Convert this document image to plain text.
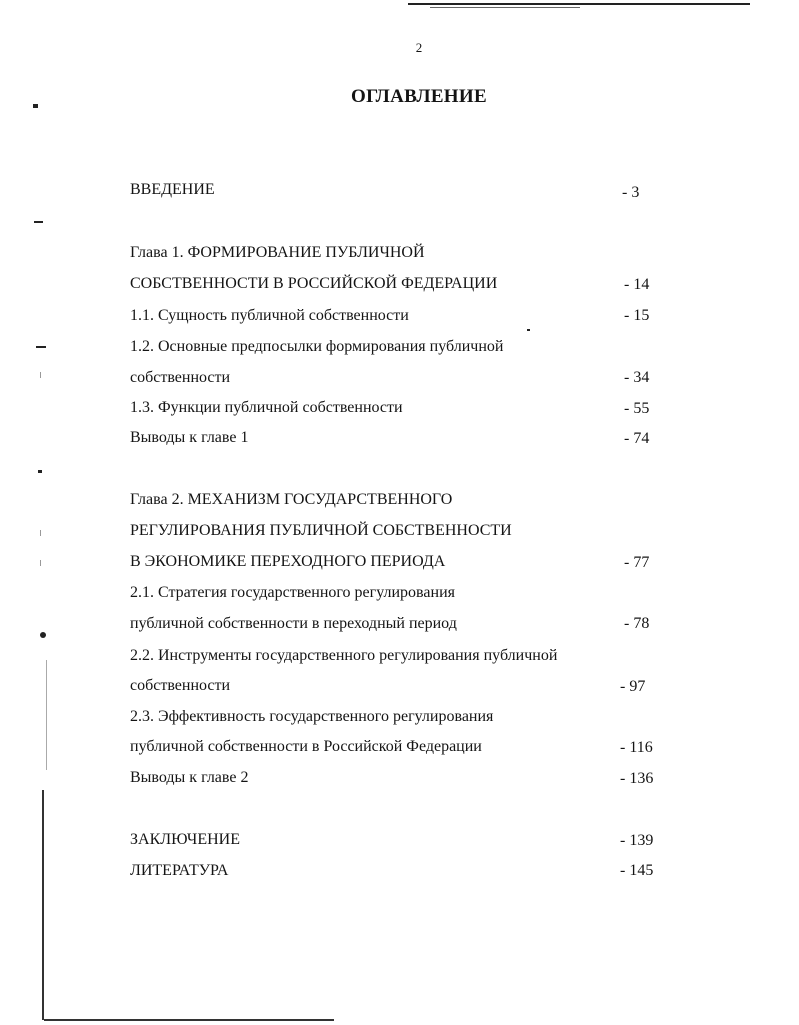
2
ОГЛАВЛЕНИЕ
ВВЕДЕНИЕ	- 3
Глава 1. ФОРМИРОВАНИЕ ПУБЛИЧНОЙ
СОБСТВЕННОСТИ В РОССИЙСКОЙ ФЕДЕРАЦИИ	- 14
1.1. Сущность публичной собственности	- 15
1.2. Основные предпосылки формирования публичной
собственности	- 34
1.3. Функции публичной собственности	- 55
Выводы к главе 1	- 74
Глава 2. МЕХАНИЗМ ГОСУДАРСТВЕННОГО
РЕГУЛИРОВАНИЯ ПУБЛИЧНОЙ СОБСТВЕННОСТИ
В ЭКОНОМИКЕ ПЕРЕХОДНОГО ПЕРИОДА	- 77
2.1. Стратегия государственного регулирования
публичной собственности в переходный период	- 78
2.2. Инструменты государственного регулирования публичной
собственности	- 97
2.3. Эффективность государственного регулирования
публичной собственности в Российской Федерации	- 116
Выводы к главе 2	- 136
ЗАКЛЮЧЕНИЕ	- 139
ЛИТЕРАТУРА	- 145
